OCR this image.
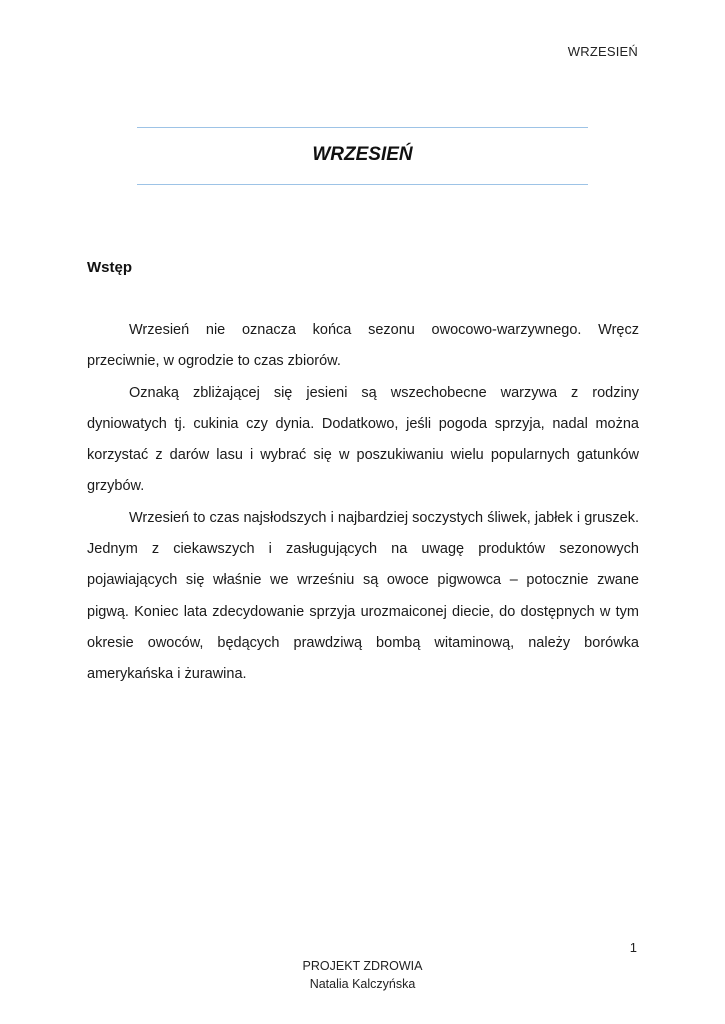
WRZESIEŃ
WRZESIEŃ
Wstęp

Wrzesień nie oznacza końca sezonu owocowo-warzywnego. Wręcz przeciwnie, w ogrodzie to czas zbiorów.

Oznaką zbliżającej się jesieni są wszechobecne warzywa z rodziny dyniowatych tj. cukinia czy dynia. Dodatkowo, jeśli pogoda sprzyja, nadal można korzystać z darów lasu i wybrać się w poszukiwaniu wielu popularnych gatunków grzybów.

Wrzesień to czas najsłodszych i najbardziej soczystych śliwek, jabłek i gruszek. Jednym z ciekawszych i zasługujących na uwagę produktów sezonowych pojawiających się właśnie we wrześniu są owoce pigwowca – potocznie zwane pigwą. Koniec lata zdecydowanie sprzyja urozmaiconej diecie, do dostępnych w tym okresie owoców, będących prawdziwą bombą witaminową, należy borówka amerykańska i żurawina.

1
PROJEKT ZDROWIA
Natalia Kalczyńska
